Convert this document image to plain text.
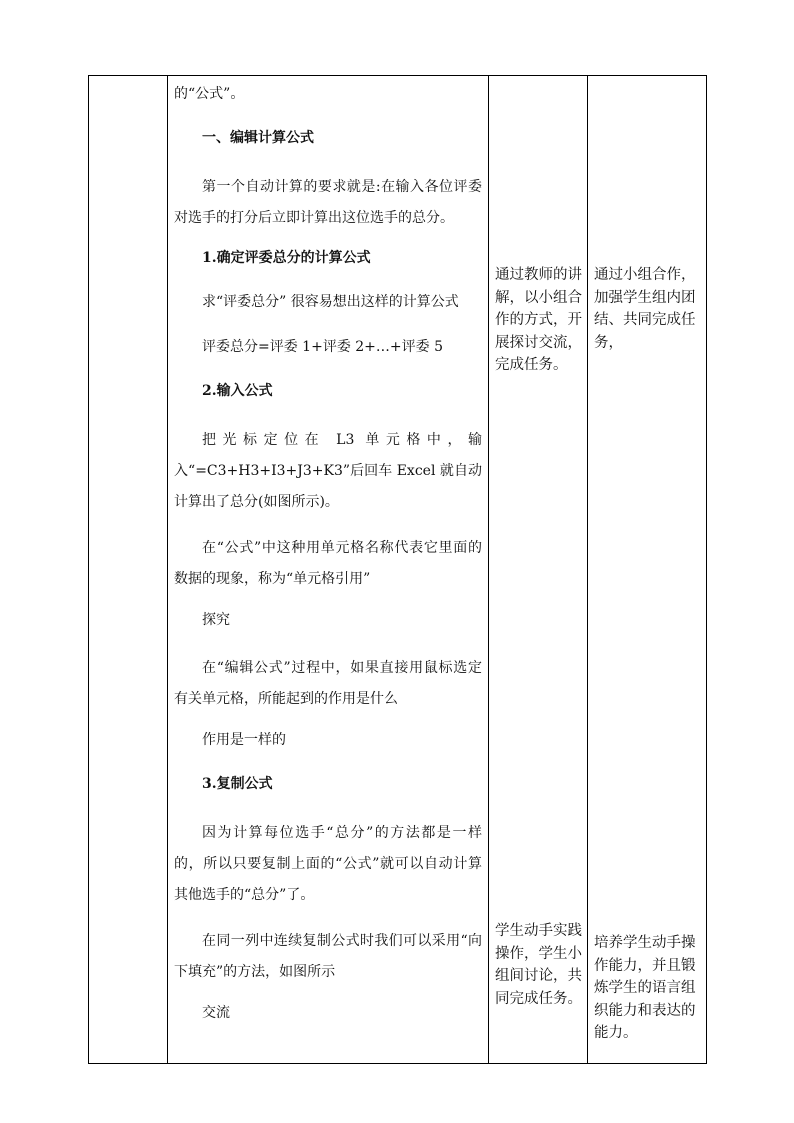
的“公式”。
一、编辑计算公式
第一个自动计算的要求就是:在输入各位评委对选手的打分后立即计算出这位选手的总分。
1.确定评委总分的计算公式
求“评委总分” 很容易想出这样的计算公式
评委总分=评委 1+评委 2+…+评委 5
2.输入公式
把光标定位在 L3 单元格中，输入“=C3+H3+I3+J3+K3”后回车 Excel 就自动计算出了总分(如图所示)。
在“公式”中这种用单元格名称代表它里面的数据的现象，称为“单元格引用”
探究
在“编辑公式”过程中，如果直接用鼠标选定有关单元格，所能起到的作用是什么
作用是一样的
3.复制公式
因为计算每位选手“总分”的方法都是一样的，所以只要复制上面的“公式”就可以自动计算其他选手的“总分”了。
在同一列中连续复制公式时我们可以采用“向下填充”的方法，如图所示
交流
通过教师的讲解，以小组合作的方式，开展探讨交流，完成任务。
学生动手实践操作，学生小组间讨论，共同完成任务。
通过小组合作，加强学生组内团结、共同完成任务，
培养学生动手操作能力，并且锻炼学生的语言组织能力和表达的能力。
